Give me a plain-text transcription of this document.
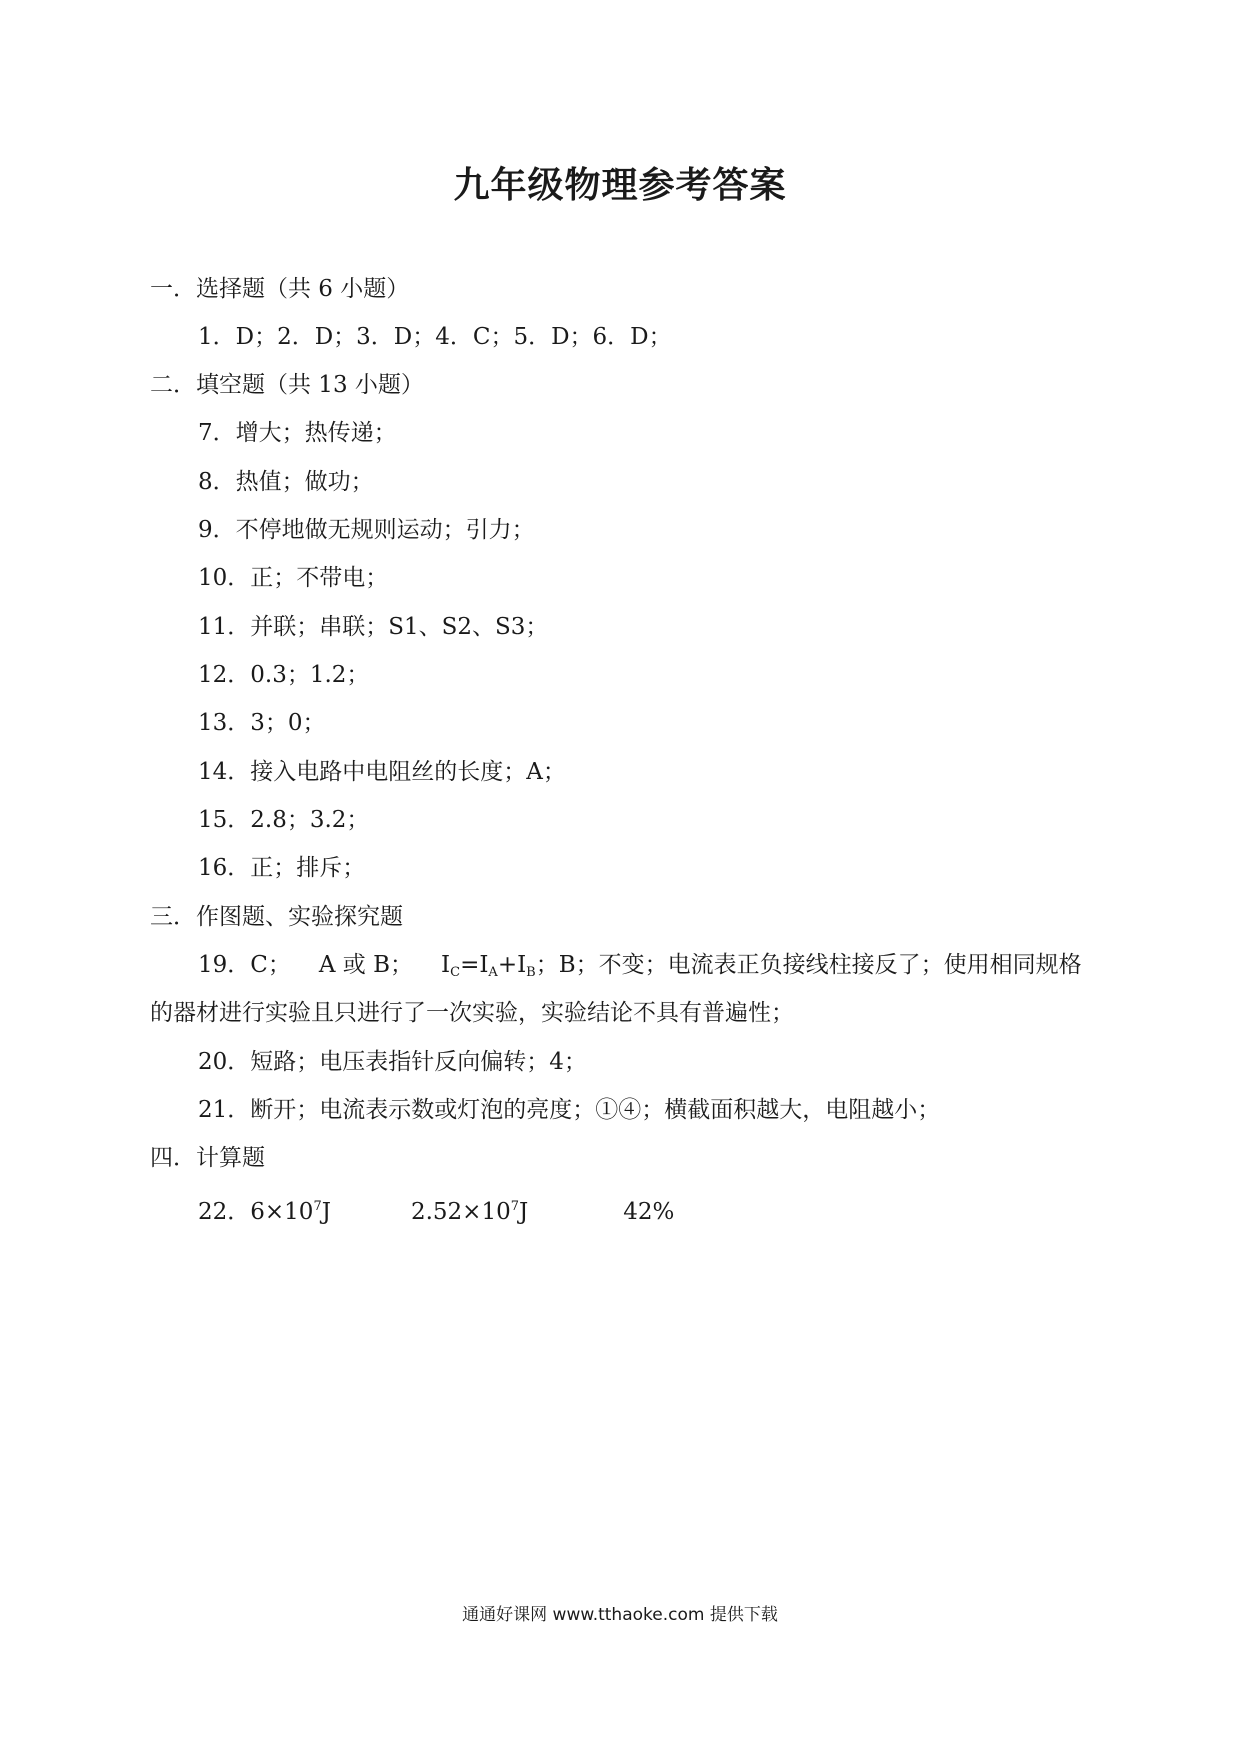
九年级物理参考答案
一．选择题（共 6 小题）
1．D；2．D；3．D；4．C；5．D；6．D；
二．填空题（共 13 小题）
7．增大；热传递；
8．热值；做功；
9．不停地做无规则运动；引力；
10．正；不带电；
11．并联；串联；S1、S2、S3；
12．0.3；1.2；
13．3；0；
14．接入电路中电阻丝的长度；A；
15．2.8；3.2；
16．正；排斥；
三．作图题、实验探究题
19．C； A 或 B； $I_C=I_A+I_B$；B；不变；电流表正负接线柱接反了；使用相同规格
的器材进行实验且只进行了一次实验，实验结论不具有普遍性；
20．短路；电压表指针反向偏转；4；
21．断开；电流表示数或灯泡的亮度；①④；横截面积越大，电阻越小；
四．计算题
22．$6\times 10^7J$	$2.52\times 10^7J$	42%
通通好课网 www.tthaoke.com 提供下载
